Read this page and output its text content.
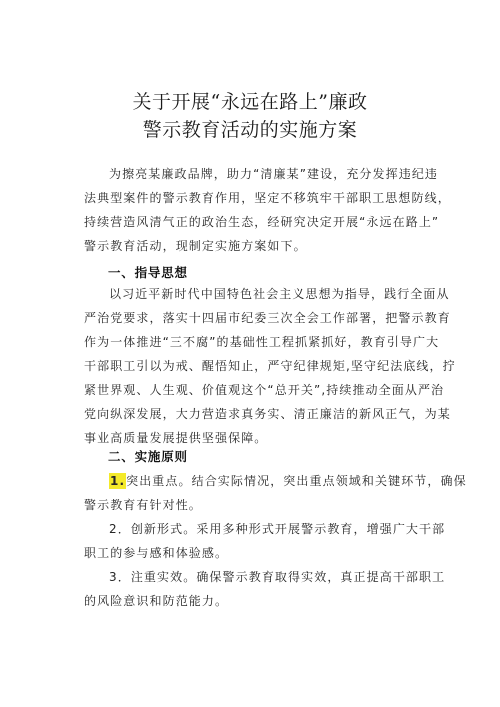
关于开展“永远在路上”廉政
警示教育活动的实施方案
为擦亮某廉政品牌，助力“清廉某”建设，充分发挥违纪违
法典型案件的警示教育作用，坚定不移筑牢干部职工思想防线，
持续营造风清气正的政治生态，经研究决定开展“永远在路上”
警示教育活动，现制定实施方案如下。
一、指导思想
以习近平新时代中国特色社会主义思想为指导，践行全面从
严治党要求，落实十四届市纪委三次全会工作部署，把警示教育
作为一体推进“三不腐”的基础性工程抓紧抓好，教育引导广大
干部职工引以为戒、醒悟知止，严守纪律规矩,坚守纪法底线，拧
紧世界观、人生观、价值观这个“总开关”,持续推动全面从严治
党向纵深发展，大力营造求真务实、清正廉洁的新风正气，为某
事业高质量发展提供坚强保障。
二、实施原则
1.突出重点。结合实际情况，突出重点领域和关键环节，确保
警示教育有针对性。
2．创新形式。采用多种形式开展警示教育，增强广大干部
职工的参与感和体验感。
3．注重实效。确保警示教育取得实效，真正提高干部职工
的风险意识和防范能力。
